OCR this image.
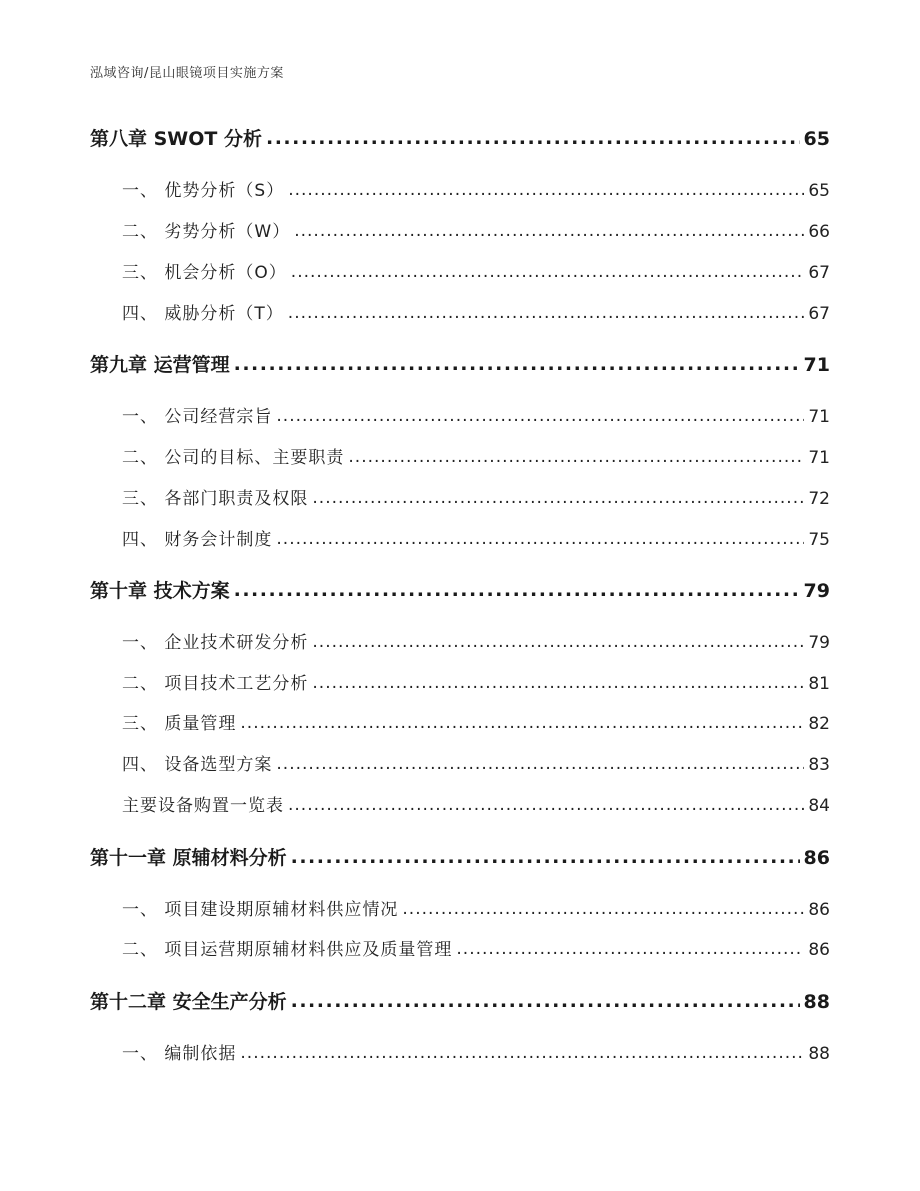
泓域咨询/昆山眼镜项目实施方案
第八章 SWOT 分析 .....	65
一、 优势分析（S） .....	65
二、 劣势分析（W） .....	66
三、 机会分析（O） .....	67
四、 威胁分析（T） .....	67
第九章 运营管理 .....	71
一、 公司经营宗旨 .....	71
二、 公司的目标、主要职责 .....	71
三、 各部门职责及权限 .....	72
四、 财务会计制度 .....	75
第十章 技术方案 .....	79
一、 企业技术研发分析 .....	79
二、 项目技术工艺分析 .....	81
三、 质量管理 .....	82
四、 设备选型方案 .....	83
主要设备购置一览表 .....	84
第十一章 原辅材料分析 .....	86
一、 项目建设期原辅材料供应情况 .....	86
二、 项目运营期原辅材料供应及质量管理 .....	86
第十二章 安全生产分析 .....	88
一、 编制依据 .....	88
